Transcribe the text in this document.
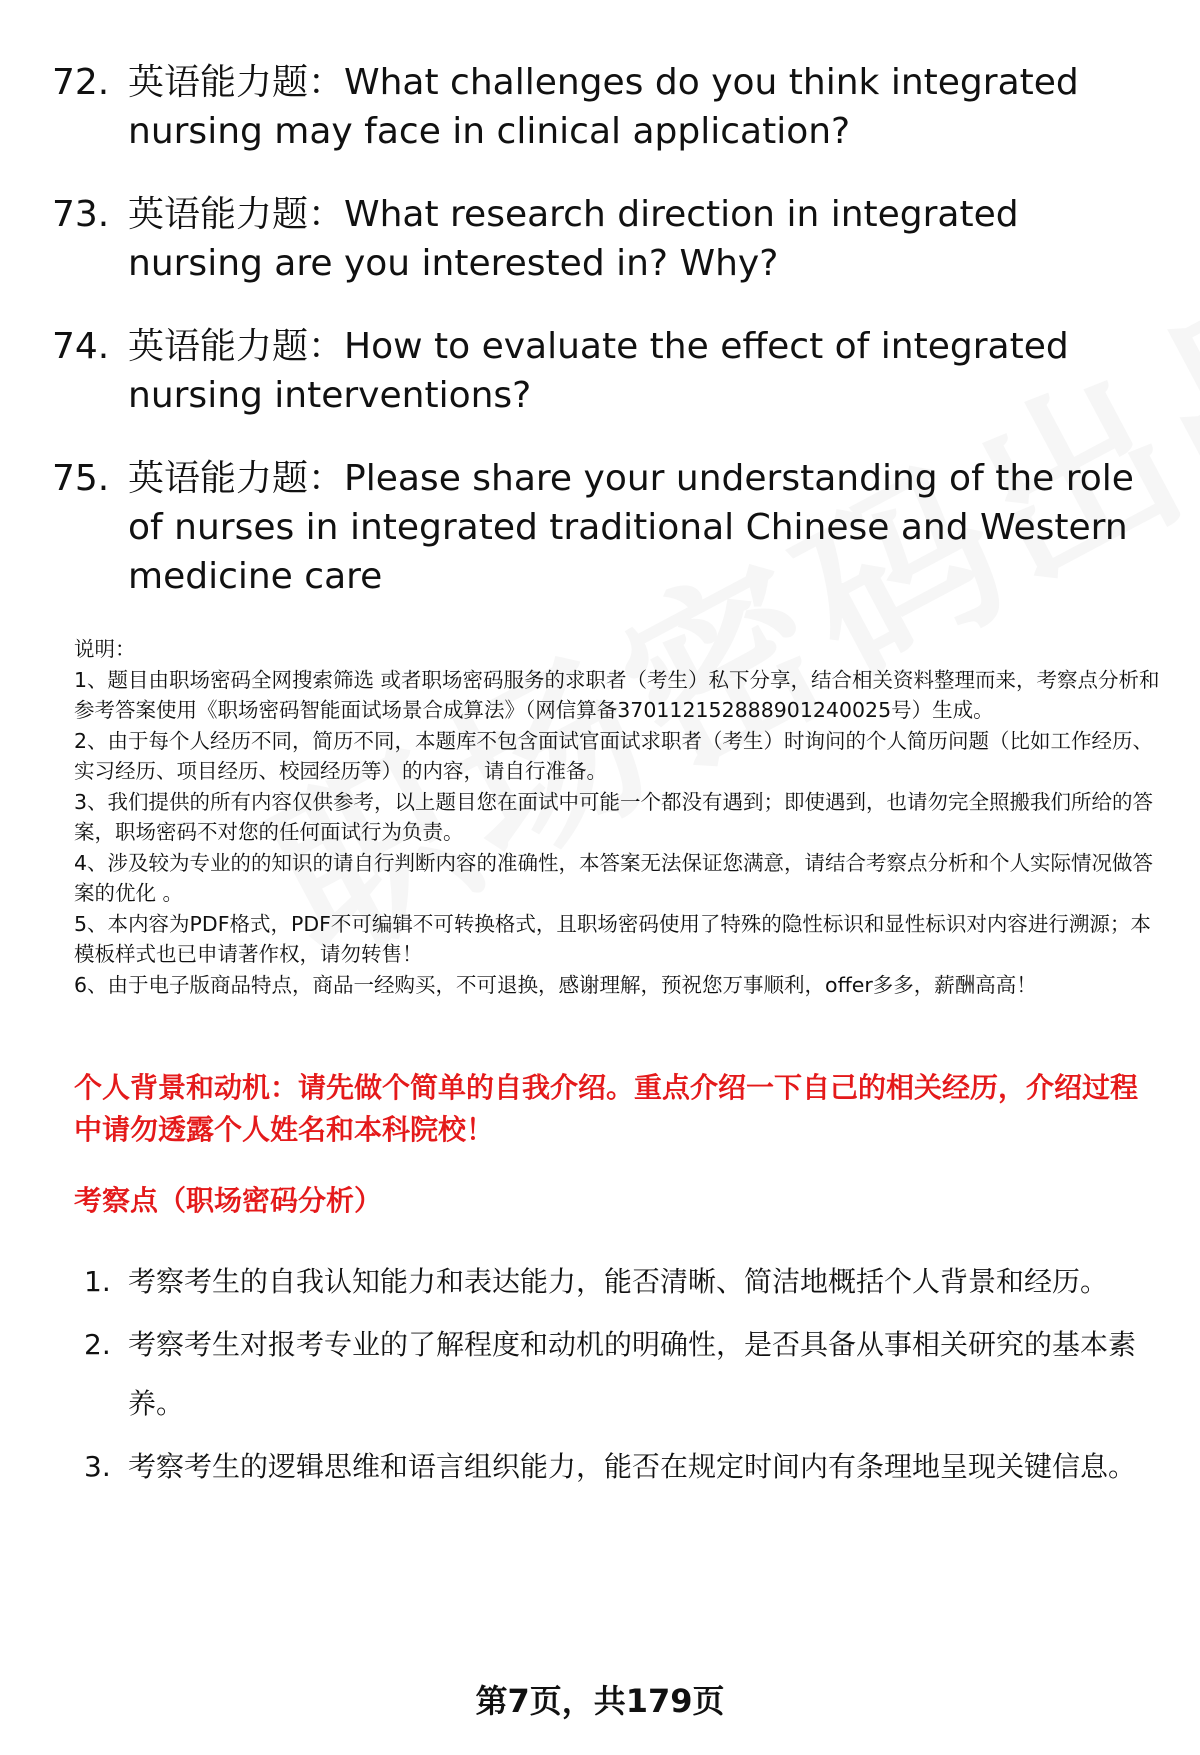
72. 英语能力题：What challenges do you think integrated nursing may face in clinical application?
73. 英语能力题：What research direction in integrated nursing are you interested in? Why?
74. 英语能力题：How to evaluate the effect of integrated nursing interventions?
75. 英语能力题：Please share your understanding of the role of nurses in integrated traditional Chinese and Western medicine care

说明：

1、题目由职场密码全网搜索筛选 或者职场密码服务的求职者（考生）私下分享，结合相关资料整理而来，考察点分析和参考答案使用《职场密码智能面试场景合成算法》（网信算备370112152888901240025号）生成。

2、由于每个人经历不同，简历不同，本题库不包含面试官面试求职者（考生）时询问的个人简历问题（比如工作经历、实习经历、项目经历、校园经历等）的内容，请自行准备。

3、我们提供的所有内容仅供参考，以上题目您在面试中可能一个都没有遇到；即使遇到，也请勿完全照搬我们所给的答案，职场密码不对您的任何面试行为负责。

4、涉及较为专业的的知识的请自行判断内容的准确性，本答案无法保证您满意，请结合考察点分析和个人实际情况做答案的优化 。

5、本内容为PDF格式，PDF不可编辑不可转换格式，且职场密码使用了特殊的隐性标识和显性标识对内容进行溯源；本模板样式也已申请著作权，请勿转售！

6、由于电子版商品特点，商品一经购买，不可退换，感谢理解，预祝您万事顺利，offer多多，薪酬高高！

个人背景和动机：请先做个简单的自我介绍。重点介绍一下自己的相关经历，介绍过程中请勿透露个人姓名和本科院校！
考察点（职场密码分析）
1. 考察考生的自我认知能力和表达能力，能否清晰、简洁地概括个人背景和经历。
2. 考察考生对报考专业的了解程度和动机的明确性，是否具备从事相关研究的基本素养。
3. 考察考生的逻辑思维和语言组织能力，能否在规定时间内有条理地呈现关键信息。
第7页，共179页
